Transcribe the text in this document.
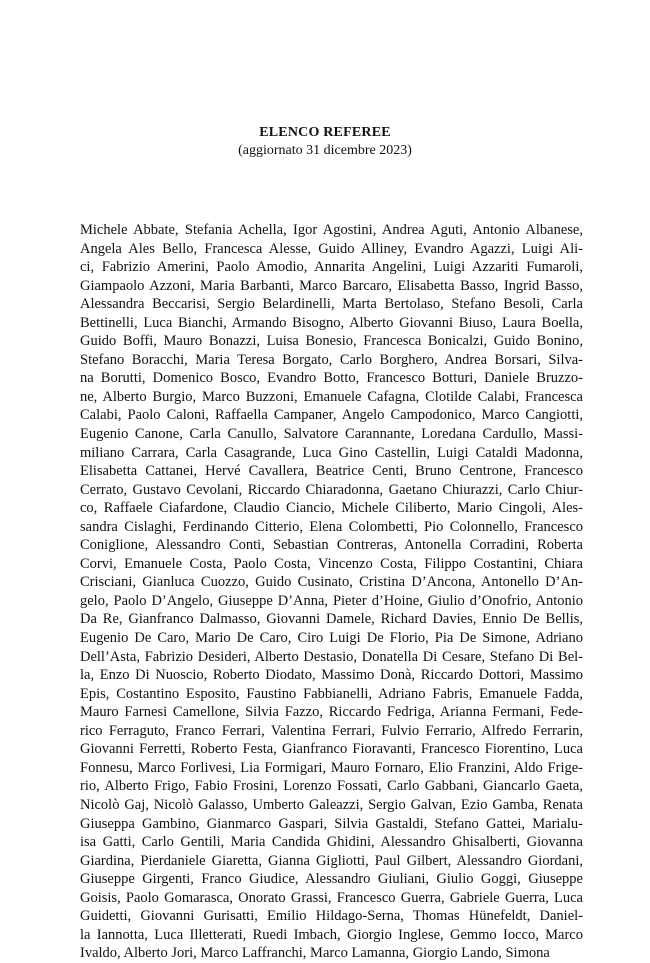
ELENCO REFEREE
(aggiornato 31 dicembre 2023)
Michele Abbate, Stefania Achella, Igor Agostini, Andrea Aguti, Antonio Albanese,
Angela Ales Bello, Francesca Alesse, Guido Alliney, Evandro Agazzi, Luigi Ali-
ci, Fabrizio Amerini, Paolo Amodio, Annarita Angelini, Luigi Azzariti Fumaroli,
Giampaolo Azzoni, Maria Barbanti, Marco Barcaro, Elisabetta Basso, Ingrid Basso,
Alessandra Beccarisi, Sergio Belardinelli, Marta Bertolaso, Stefano Besoli, Carla
Bettinelli, Luca Bianchi, Armando Bisogno, Alberto Giovanni Biuso, Laura Boella,
Guido Boffi, Mauro Bonazzi, Luisa Bonesio, Francesca Bonicalzi, Guido Bonino,
Stefano Boracchi, Maria Teresa Borgato, Carlo Borghero, Andrea Borsari, Silva-
na Borutti, Domenico Bosco, Evandro Botto, Francesco Botturi, Daniele Bruzzo-
ne, Alberto Burgio, Marco Buzzoni, Emanuele Cafagna, Clotilde Calabi, Francesca
Calabi, Paolo Caloni, Raffaella Campaner, Angelo Campodonico, Marco Cangiotti,
Eugenio Canone, Carla Canullo, Salvatore Carannante, Loredana Cardullo, Massi-
miliano Carrara, Carla Casagrande, Luca Gino Castellin, Luigi Cataldi Madonna,
Elisabetta Cattanei, Hervé Cavallera, Beatrice Centi, Bruno Centrone, Francesco
Cerrato, Gustavo Cevolani, Riccardo Chiaradonna, Gaetano Chiurazzi, Carlo Chiur-
co, Raffaele Ciafardone, Claudio Ciancio, Michele Ciliberto, Mario Cingoli, Ales-
sandra Cislaghi, Ferdinando Citterio, Elena Colombetti, Pio Colonnello, Francesco
Coniglione, Alessandro Conti, Sebastian Contreras, Antonella Corradini, Roberta
Corvi, Emanuele Costa, Paolo Costa, Vincenzo Costa, Filippo Costantini, Chiara
Crisciani, Gianluca Cuozzo, Guido Cusinato, Cristina D’Ancona, Antonello D’An-
gelo, Paolo D’Angelo, Giuseppe D’Anna, Pieter d’Hoine, Giulio d’Onofrio, Antonio
Da Re, Gianfranco Dalmasso, Giovanni Damele, Richard Davies, Ennio De Bellis,
Eugenio De Caro, Mario De Caro, Ciro Luigi De Florio, Pia De Simone, Adriano
Dell’Asta, Fabrizio Desideri, Alberto Destasio, Donatella Di Cesare, Stefano Di Bel-
la, Enzo Di Nuoscio, Roberto Diodato, Massimo Donà, Riccardo Dottori, Massimo
Epis, Costantino Esposito, Faustino Fabbianelli, Adriano Fabris, Emanuele Fadda,
Mauro Farnesi Camellone, Silvia Fazzo, Riccardo Fedriga, Arianna Fermani, Fede-
rico Ferraguto, Franco Ferrari, Valentina Ferrari, Fulvio Ferrario, Alfredo Ferrarin,
Giovanni Ferretti, Roberto Festa, Gianfranco Fioravanti, Francesco Fiorentino, Luca
Fonnesu, Marco Forlivesi, Lia Formigari, Mauro Fornaro, Elio Franzini, Aldo Frige-
rio, Alberto Frigo, Fabio Frosini, Lorenzo Fossati, Carlo Gabbani, Giancarlo Gaeta,
Nicolò Gaj, Nicolò Galasso, Umberto Galeazzi, Sergio Galvan, Ezio Gamba, Renata
Giuseppa Gambino, Gianmarco Gaspari, Silvia Gastaldi, Stefano Gattei, Marialu-
isa Gatti, Carlo Gentili, Maria Candida Ghidini, Alessandro Ghisalberti, Giovanna
Giardina, Pierdaniele Giaretta, Gianna Gigliotti, Paul Gilbert, Alessandro Giordani,
Giuseppe Girgenti, Franco Giudice, Alessandro Giuliani, Giulio Goggi, Giuseppe
Goisis, Paolo Gomarasca, Onorato Grassi, Francesco Guerra, Gabriele Guerra, Luca
Guidetti, Giovanni Gurisatti, Emilio Hildago-Serna, Thomas Hünefeldt, Daniel-
la Iannotta, Luca Illetterati, Ruedi Imbach, Giorgio Inglese, Gemmo Iocco, Marco
Ivaldo, Alberto Jori, Marco Laffranchi, Marco Lamanna, Giorgio Lando, Simona
